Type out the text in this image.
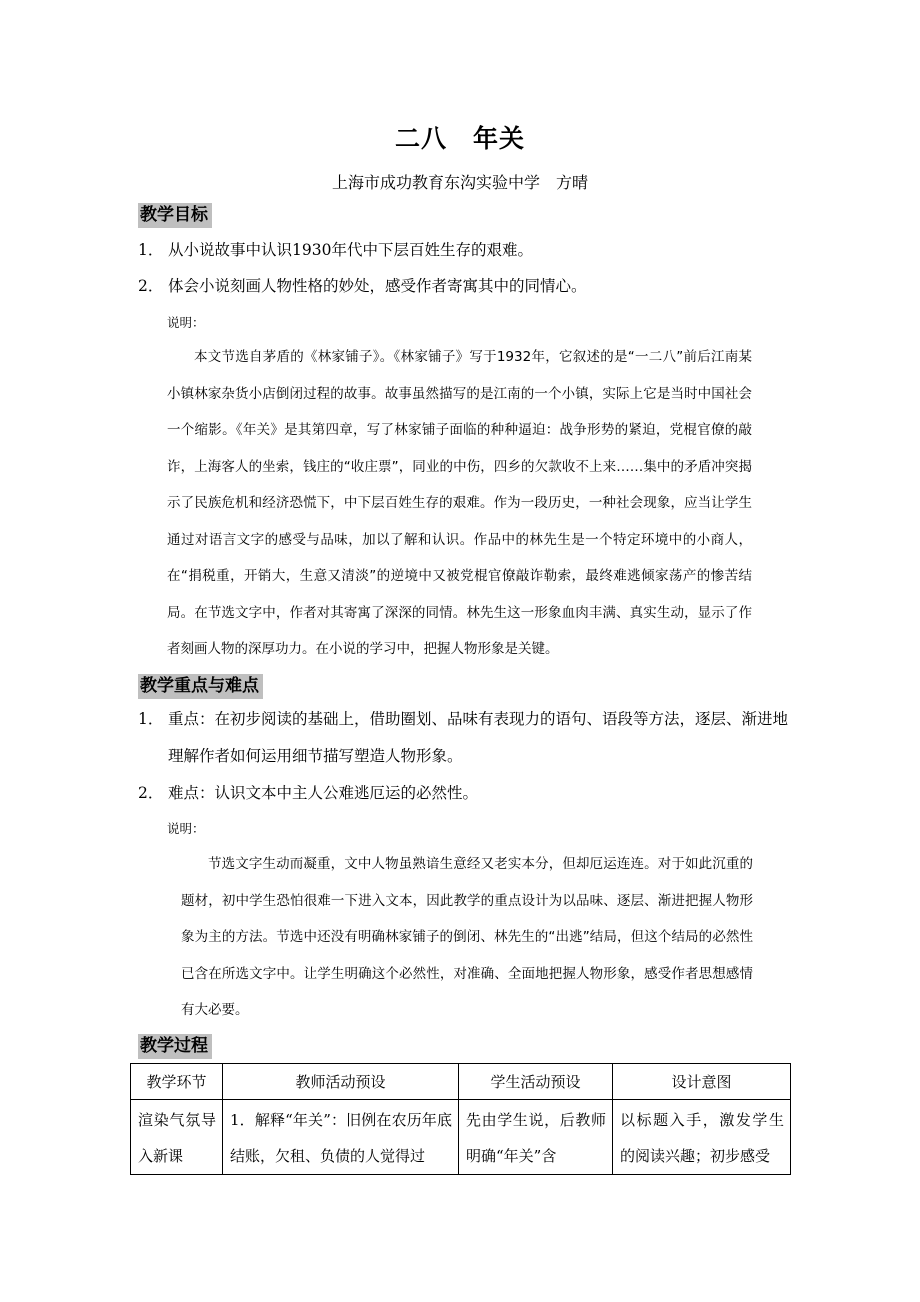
二八　年关
上海市成功教育东沟实验中学　方晴
教学目标
1． 从小说故事中认识1930年代中下层百姓生存的艰难。
2． 体会小说刻画人物性格的妙处，感受作者寄寓其中的同情心。
说明：
本文节选自茅盾的《林家铺子》。《林家铺子》写于1932年，它叙述的是“一二八”前后江南某小镇林家杂货小店倒闭过程的故事。故事虽然描写的是江南的一个小镇，实际上它是当时中国社会一个缩影。《年关》是其第四章，写了林家铺子面临的种种逼迫：战争形势的紧迫，党棍官僚的敲诈，上海客人的坐索，钱庄的“收庄票”，同业的中伤，四乡的欠款收不上来……集中的矛盾冲突揭示了民族危机和经济恐慌下，中下层百姓生存的艰难。作为一段历史，一种社会现象，应当让学生通过对语言文字的感受与品味，加以了解和认识。作品中的林先生是一个特定环境中的小商人，在“捐税重，开销大，生意又清淡”的逆境中又被党棍官僚敲诈勒索，最终难逃倾家荡产的惨苦结局。在节选文字中，作者对其寄寓了深深的同情。林先生这一形象血肉丰满、真实生动，显示了作者刻画人物的深厚功力。在小说的学习中，把握人物形象是关键。
教学重点与难点
1． 重点：在初步阅读的基础上，借助圈划、品味有表现力的语句、语段等方法，逐层、渐进地理解作者如何运用细节描写塑造人物形象。
2． 难点：认识文本中主人公难逃厄运的必然性。
说明：
节选文字生动而凝重，文中人物虽熟谙生意经又老实本分，但却厄运连连。对于如此沉重的题材，初中学生恐怕很难一下进入文本，因此教学的重点设计为以品味、逐层、渐进把握人物形象为主的方法。节选中还没有明确林家铺子的倒闭、林先生的“出逃”结局，但这个结局的必然性已含在所选文字中。让学生明确这个必然性，对准确、全面地把握人物形象，感受作者思想感情有大必要。
教学过程
教学环节	教师活动预设	学生活动预设	设计意图
渲染气氛导入新课	1．解释“年关”：旧例在农历年底结账，欠租、负债的人觉得过	先由学生说，后教师明确“年关”含	以标题入手，激发学生的阅读兴趣；初步感受
